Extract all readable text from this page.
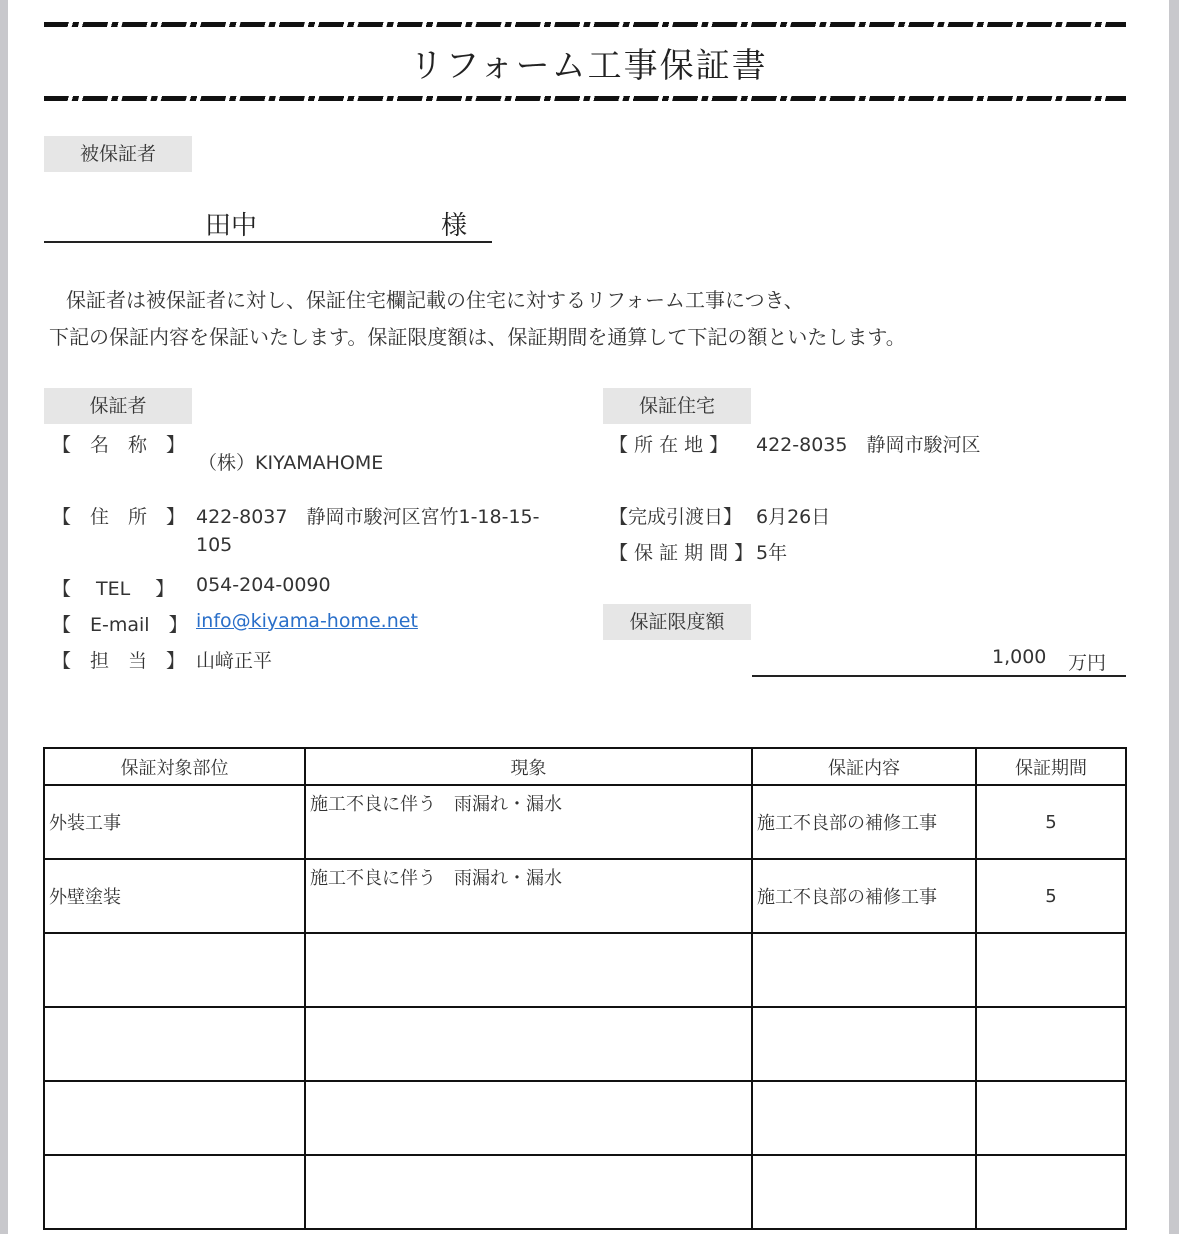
リフォーム工事保証書
被保証者
田中	様
保証者は被保証者に対し、保証住宅欄記載の住宅に対するリフォーム工事につき、
下記の保証内容を保証いたします。保証限度額は、保証期間を通算して下記の額といたします。
保証者
【　名　称　】
（株）KIYAMAHOME
【　住　所　】 422-8037　静岡市駿河区宮竹1-18-15-
105
【　 TEL 　】 054-204-0090
【　E-mail　】 info@kiyama-home.net
【　担　当　】 山﨑正平
保証住宅
【 所 在 地 】 422-8035　静岡市駿河区
【完成引渡日】 6月26日
【 保 証 期 間 】 5年
保証限度額
1,000 万円
保証対象部位	現象	保証内容	保証期間
外装工事	施工不良に伴う　雨漏れ・漏水	施工不良部の補修工事	5
外壁塗装	施工不良に伴う　雨漏れ・漏水	施工不良部の補修工事	5
